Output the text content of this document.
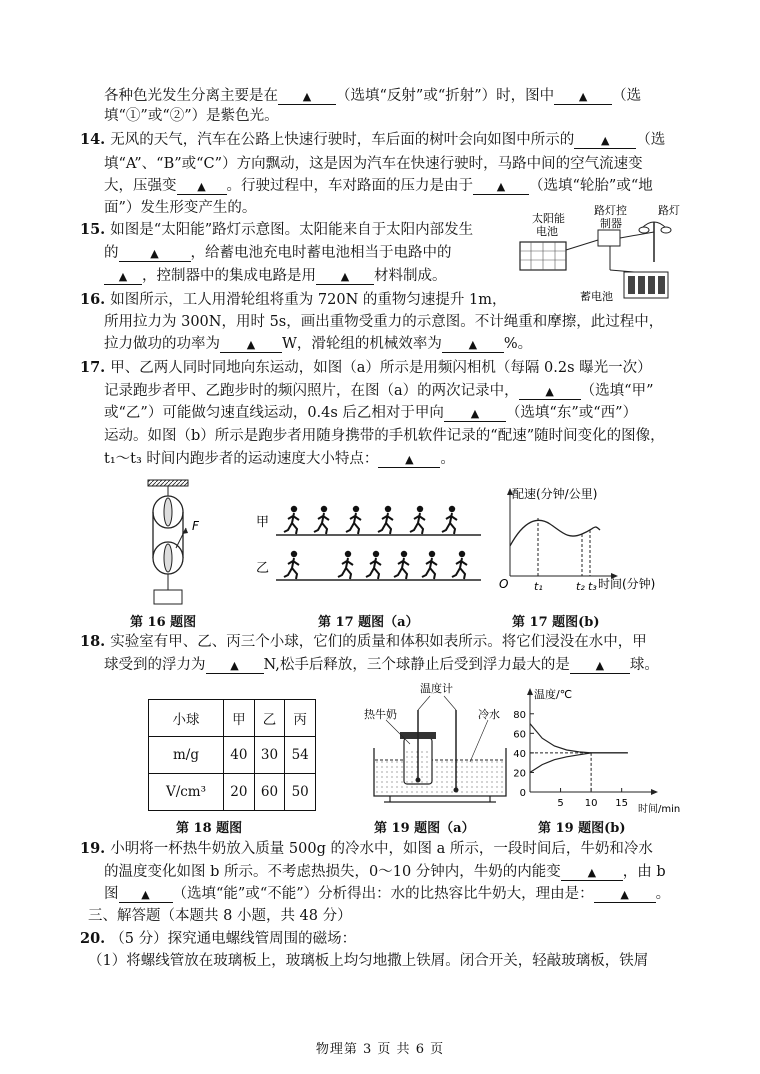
各种色光发生分离主要是在 ▲ （选填“反射”或“折射”）时，图中 ▲ （选
填“①”或“②”）是紫色光。
14. 无风的天气，汽车在公路上快速行驶时，车后面的树叶会向如图中所示的 ▲ （选
填“A”、“B”或“C”）方向飘动，这是因为汽车在快速行驶时，马路中间的空气流速变
大，压强变 ▲ 。行驶过程中，车对路面的压力是由于 ▲ （选填“轮胎”或“地
面”）发生形变产生的。
15. 如图是“太阳能”路灯示意图。太阳能来自于太阳内部发生
的	▲ ，给蓄电池充电时蓄电池相当于电路中的
▲ ，控制器中的集成电路是用 ▲ 材料制成。
16. 如图所示，工人用滑轮组将重为 720N 的重物匀速提升 1m，
所用拉力为 300N，用时 5s，画出重物受重力的示意图。不计绳重和摩擦，此过程中，
拉力做功的功率为 ▲ W，滑轮组的机械效率为 ▲ %。
17. 甲、乙两人同时同地向东运动，如图（a）所示是用频闪相机（每隔 0.2s 曝光一次）
记录跑步者甲、乙跑步时的频闪照片，在图（a）的两次记录中， ▲ （选填“甲”
或“乙”）可能做匀速直线运动，0.4s 后乙相对于甲向 ▲ （选填“东”或“西”）
运动。如图（b）所示是跑步者用随身携带的手机软件记录的“配速”随时间变化的图像，
t₁～t₃ 时间内跑步者的运动速度大小特点： ▲ 。
18. 实验室有甲、乙、丙三个小球，它们的质量和体积如表所示。将它们浸没在水中，甲
球受到的浮力为 ▲ N,松手后释放，三个球静止后受到浮力最大的是 ▲ 球。
19. 小明将一杯热牛奶放入质量 500g 的冷水中，如图 a 所示，一段时间后，牛奶和冷水
的温度变化如图 b 所示。不考虑热损失，0～10 分钟内，牛奶的内能变 ▲ ，由 b
图 ▲ （选填“能”或“不能”）分析得出：水的比热容比牛奶大，理由是： ▲ 。
三、解答题（本题共 8 小题，共 48 分）
20. （5 分）探究通电螺线管周围的磁场：
（1）将螺线管放在玻璃板上，玻璃板上均匀地撒上铁屑。闭合开关，轻敲玻璃板，铁屑
太阳能
电池
路灯控
制器
路灯
蓄电池
F	甲
乙
配速(分钟/公里)
O t₁	t₂ t₃ 时间(分钟)
第 16 题图	第 17 题图（a）	第 17 题图(b)
小球	甲	乙	丙
m/g	40	30	54
V/cm³	20	60	50
温度计
热牛奶	冷水
温度/℃
时间/min
0
20
40
60
80
5 10 15
第 18 题图	第 19 题图（a）	第 19 题图(b)
物理第 3 页 共 6 页
